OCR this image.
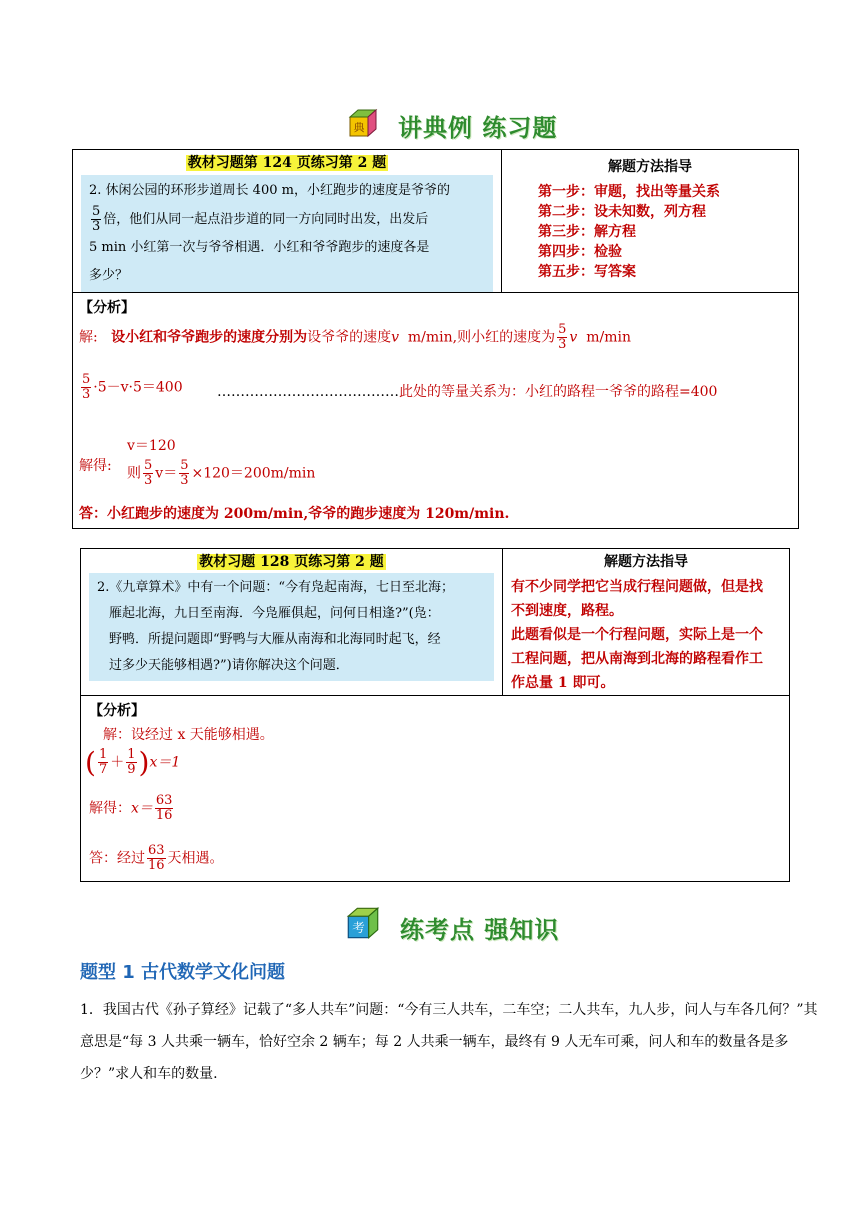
典 讲典例 练习题
教材习题第 124 页练习第 2 题
2. 休闲公园的环形步道周长 400 m，小红跑步的速度是爷爷的
$\frac{5}{3}$ 倍，他们从同一起点沿步道的同一方向同时出发，出发后
5 min 小红第一次与爷爷相遇．小红和爷爷跑步的速度各是
多少？

解题方法指导
第一步：审题，找出等量关系
第二步：设未知数，列方程
第三步：解方程
第四步：检验
第五步：写答案

【分析】
解: 设小红和爷爷跑步的速度分别为设爷爷的速度v m/min,则小红的速度为 $\frac{5}{3}$ v m/min
$\frac{5}{3} \cdot 5-v\cdot 5=400$ …………………………………此处的等量关系为：小红的路程一爷爷的路程=400
v＝120
解得: 则 $\frac{5}{3} v= \frac{5}{3} \times 120=200m/\min$
答：小红跑步的速度为 200m/min,爷爷的跑步速度为 120m/min.
教材习题 128 页练习第 2 题
2.《九章算术》中有一个问题：“今有凫起南海，七日至北海；
雁起北海，九日至南海．今凫雁俱起，问何日相逢?”(凫：
野鸭．所提问题即“野鸭与大雁从南海和北海同时起飞，经
过多少天能够相遇?”)请你解决这个问题．

解题方法指导
有不少同学把它当成行程问题做，但是找
不到速度，路程。
此题看似是一个行程问题，实际上是一个
工程问题，把从南海到北海的路程看作工
作总量 1 即可。

【分析】
解：设经过 x 天能够相遇。
( $\frac{1}{7} + \frac{1}{9} )x=1$
解得：$x= \frac{63}{16}$
答：经过 $\frac{63}{16}$ 天相遇。
考 练考点 强知识
题型 1 古代数学文化问题
1．我国古代《孙子算经》记载了“多人共车”问题：“今有三人共车，二车空；二人共车，九人步，问人与车各几何？”其意思是“每 3 人共乘一辆车，恰好空余 2 辆车；每 2 人共乘一辆车，最终有 9 人无车可乘，问人和车的数量各是多少？”求人和车的数量.
